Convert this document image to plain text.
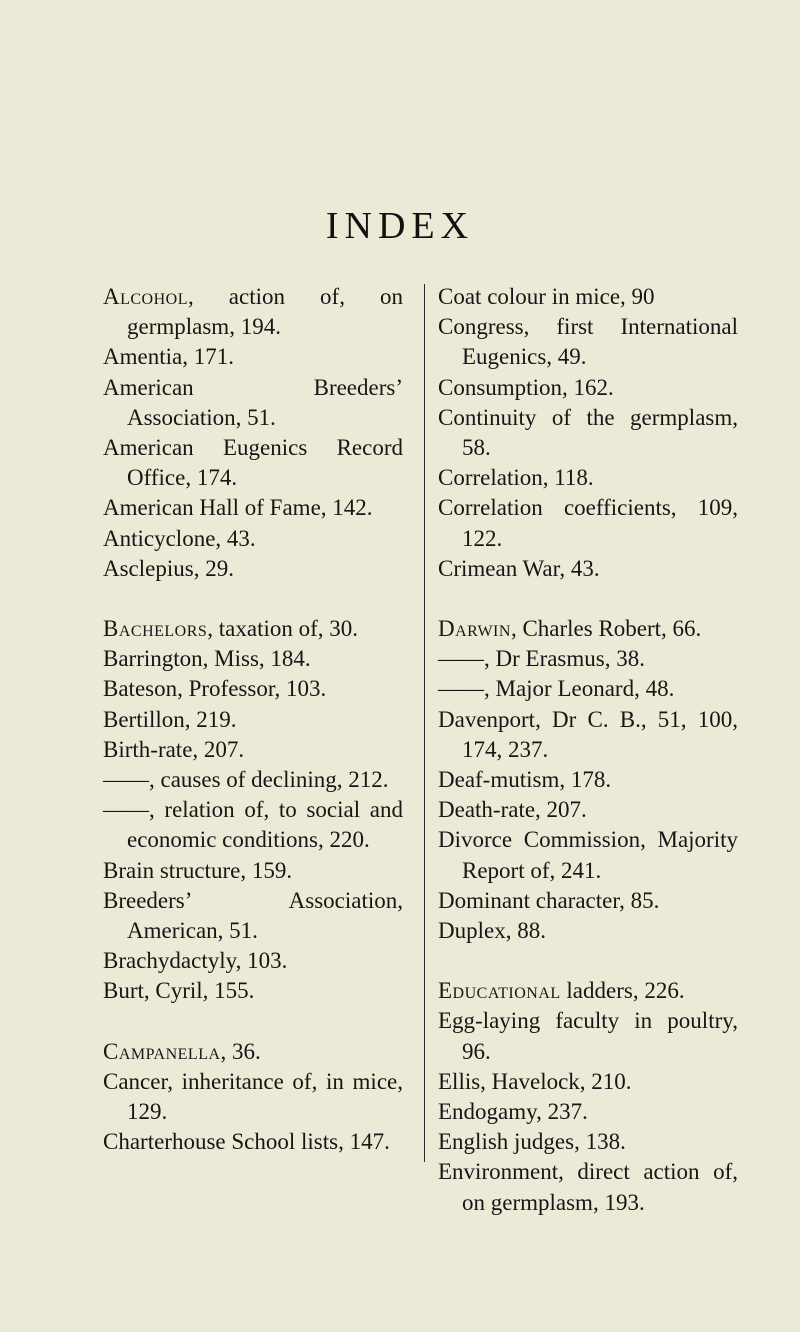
INDEX
Alcohol, action of, on germplasm, 194.
Amentia, 171.
American Breeders’ Association, 51.
American Eugenics Record Office, 174.
American Hall of Fame, 142.
Anticyclone, 43.
Asclepius, 29.
Bachelors, taxation of, 30.
Barrington, Miss, 184.
Bateson, Professor, 103.
Bertillon, 219.
Birth-rate, 207.
——, causes of declining, 212.
——, relation of, to social and economic conditions, 220.
Brain structure, 159.
Breeders’ Association, American, 51.
Brachydactyly, 103.
Burt, Cyril, 155.
Campanella, 36.
Cancer, inheritance of, in mice, 129.
Charterhouse School lists, 147.
Coat colour in mice, 90
Congress, first International Eugenics, 49.
Consumption, 162.
Continuity of the germplasm, 58.
Correlation, 118.
Correlation coefficients, 109, 122.
Crimean War, 43.
Darwin, Charles Robert, 66.
——, Dr Erasmus, 38.
——, Major Leonard, 48.
Davenport, Dr C. B., 51, 100, 174, 237.
Deaf-mutism, 178.
Death-rate, 207.
Divorce Commission, Majority Report of, 241.
Dominant character, 85.
Duplex, 88.
Educational ladders, 226.
Egg-laying faculty in poultry, 96.
Ellis, Havelock, 210.
Endogamy, 237.
English judges, 138.
Environment, direct action of, on germplasm, 193.
